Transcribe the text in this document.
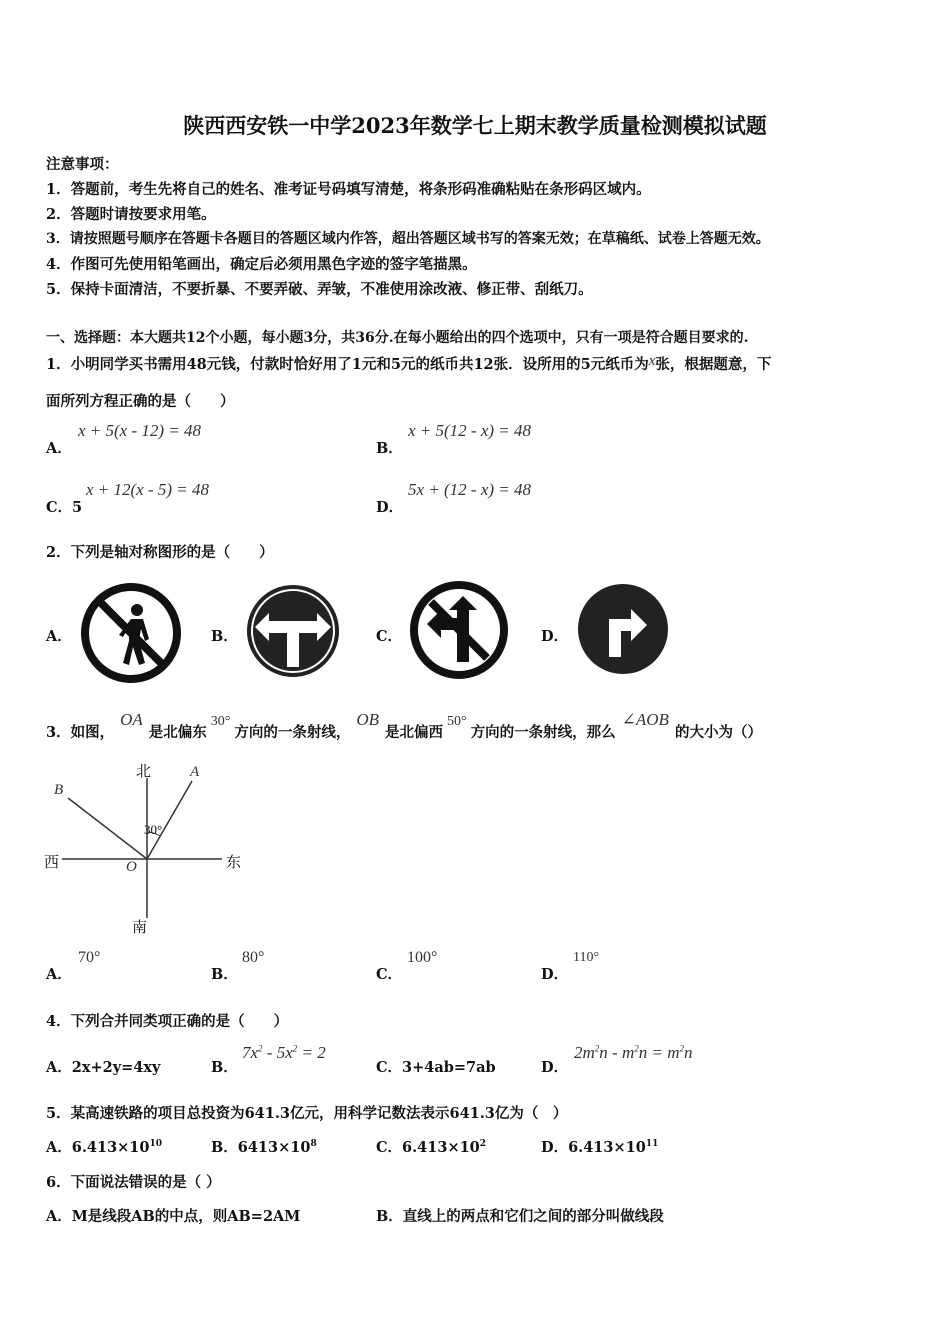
陕西西安铁一中学2023年数学七上期末教学质量检测模拟试题
注意事项：
1．答题前，考生先将自己的姓名、准考证号码填写清楚，将条形码准确粘贴在条形码区域内。
2．答题时请按要求用笔。
3．请按照题号顺序在答题卡各题目的答题区域内作答，超出答题区域书写的答案无效；在草稿纸、试卷上答题无效。
4．作图可先使用铅笔画出，确定后必须用黑色字迹的签字笔描黑。
5．保持卡面清洁，不要折暴、不要弄破、弄皱，不准使用涂改液、修正带、刮纸刀。
一、选择题：本大题共12个小题，每小题3分，共36分.在每小题给出的四个选项中，只有一项是符合题目要求的.
1．小明同学买书需用48元钱，付款时恰好用了1元和5元的纸币共12张．设所用的5元纸币为x张，根据题意，下
面所列方程正确的是（　　）
A．
x + 5(x - 12) = 48
B．
x + 5(12 - x) = 48
C．5
x + 12(x - 5) = 48
D．
5x + (12 - x) = 48
2．下列是轴对称图形的是（　　）
A．	B．	C．	D．
3．如图，OA是北偏东30°方向的一条射线，OB是北偏西50°方向的一条射线，那么∠AOB的大小为（）
北
南
西	东
A
B
O
30°
A．
70°
B．
80°
C．
100°
D．
110°
4．下列合并同类项正确的是（　　）
A．2x+2y=4xy	B．
$7x^2 - 5x^2 = 2$
C．3+4ab=7ab	D．
$2m^2n - m^2n = m^2n$
5．某高速铁路的项目总投资为641.3亿元，用科学记数法表示641.3亿为（　）
A．$6.413\times 10^{10}$	B．$6413\times 10^8$	C．$6.413\times 10^2$	D．$6.413\times 10^{11}$
6．下面说法错误的是（ ）
A．M是线段AB的中点，则AB=2AM	B．直线上的两点和它们之间的部分叫做线段
